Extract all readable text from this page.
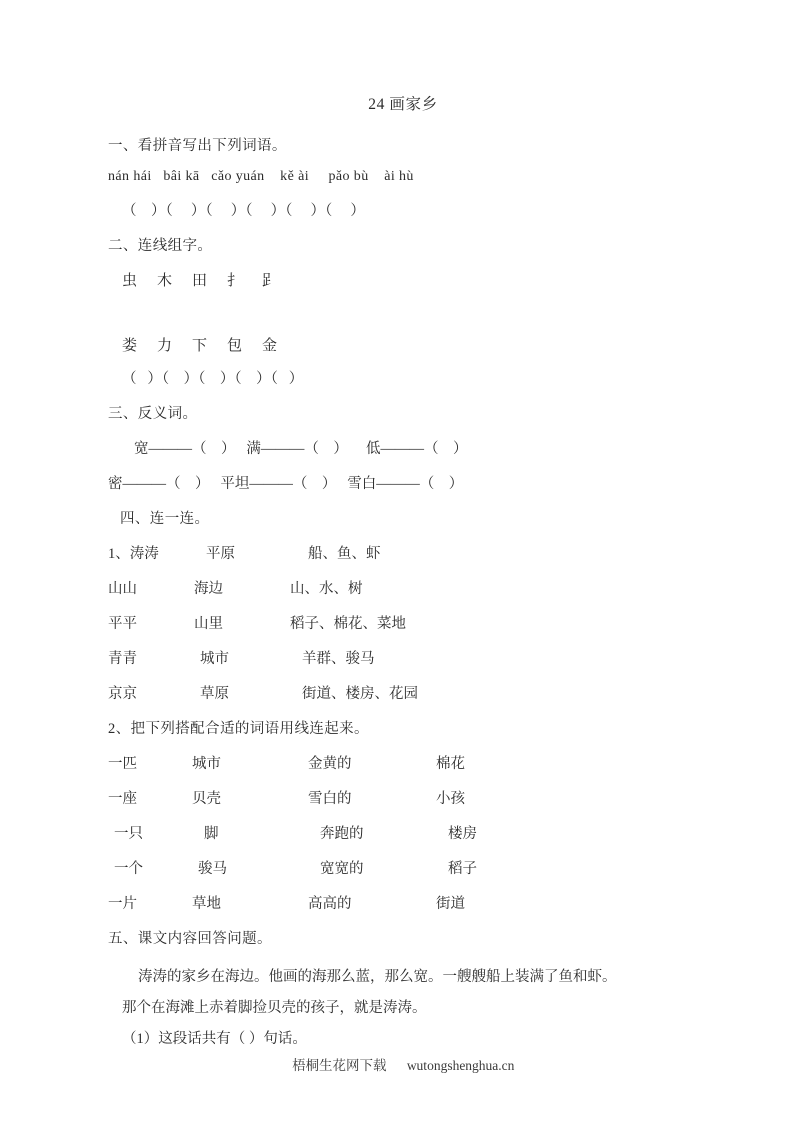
24 画家乡
一、看拼音写出下列词语。
nán hái   bâi kā   cǎo yuán    kě ài     pǎo bù    ài hù
（    ）（     ）（     ）（     ）（     ）（     ）
二、连线组字。
虫    木    田    扌    𧾷
娄    力    下    包    金
（   ）（    ）（    ）（    ）（   ）
三、反义词。
宽———（    ）   满———（    ）     低———（    ）
密———（    ）   平坦———（    ）   雪白———（    ）
四、连一连。
1、涛涛	平原	船、鱼、虾
山山	海边	山、水、树
平平	山里	稻子、棉花、菜地
青青	城市	羊群、骏马
京京	草原	街道、楼房、花园
2、把下列搭配合适的词语用线连起来。
一匹	城市	金黄的	棉花
一座	贝壳	雪白的	小孩
一只	脚	奔跑的	楼房
一个	骏马	宽宽的	稻子
一片	草地	高高的	街道
五、课文内容回答问题。
涛涛的家乡在海边。他画的海那么蓝，那么宽。一艘艘船上装满了鱼和虾。
那个在海滩上赤着脚捡贝壳的孩子，就是涛涛。
（1）这段话共有（ ）句话。

梧桐生花网下载 wutongshenghua.cn
